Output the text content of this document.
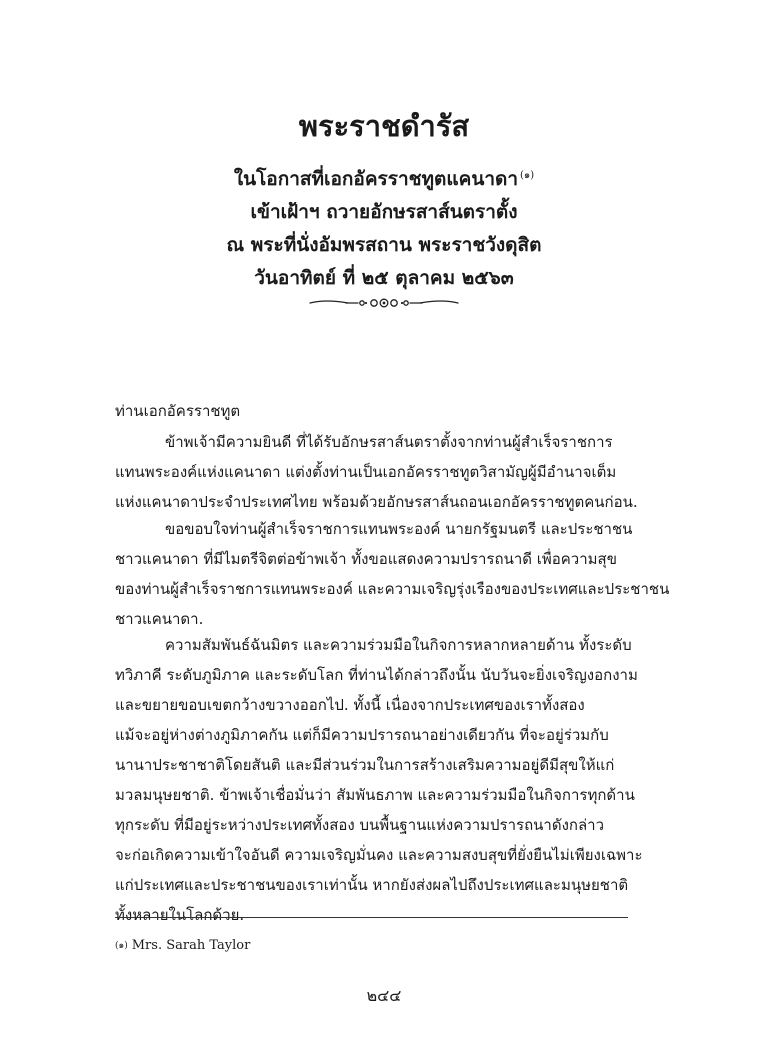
พระราชดำรัส
ในโอกาสที่เอกอัครราชทูตแคนาดา $^{(๑)}$
เข้าเฝ้าฯ ถวายอักษรสาส์นตราตั้ง
ณ พระที่นั่งอัมพรสถาน พระราชวังดุสิต
วันอาทิตย์ ที่ ๒๕ ตุลาคม ๒๕๖๓
ท่านเอกอัครราชทูต
ข้าพเจ้ามีความยินดี ที่ได้รับอักษรสาส์นตราตั้งจากท่านผู้สำเร็จราชการ
แทนพระองค์แห่งแคนาดา แต่งตั้งท่านเป็นเอกอัครราชทูตวิสามัญผู้มีอำนาจเต็ม
แห่งแคนาดาประจำประเทศไทย พร้อมด้วยอักษรสาส์นถอนเอกอัครราชทูตคนก่อน.
ขอขอบใจท่านผู้สำเร็จราชการแทนพระองค์ นายกรัฐมนตรี และประชาชน
ชาวแคนาดา ที่มีไมตรีจิตต่อข้าพเจ้า ทั้งขอแสดงความปรารถนาดี เพื่อความสุข
ของท่านผู้สำเร็จราชการแทนพระองค์ และความเจริญรุ่งเรืองของประเทศและประชาชน
ชาวแคนาดา.
ความสัมพันธ์ฉันมิตร และความร่วมมือในกิจการหลากหลายด้าน ทั้งระดับ
ทวิภาคี ระดับภูมิภาค และระดับโลก ที่ท่านได้กล่าวถึงนั้น นับวันจะยิ่งเจริญงอกงาม
และขยายขอบเขตกว้างขวางออกไป. ทั้งนี้ เนื่องจากประเทศของเราทั้งสอง
แม้จะอยู่ห่างต่างภูมิภาคกัน แต่ก็มีความปรารถนาอย่างเดียวกัน ที่จะอยู่ร่วมกับ
นานาประชาชาติโดยสันติ และมีส่วนร่วมในการสร้างเสริมความอยู่ดีมีสุขให้แก่
มวลมนุษยชาติ. ข้าพเจ้าเชื่อมั่นว่า สัมพันธภาพ และความร่วมมือในกิจการทุกด้าน
ทุกระดับ ที่มีอยู่ระหว่างประเทศทั้งสอง บนพื้นฐานแห่งความปรารถนาดังกล่าว
จะก่อเกิดความเข้าใจอันดี ความเจริญมั่นคง และความสงบสุขที่ยั่งยืนไม่เพียงเฉพาะ
แก่ประเทศและประชาชนของเราเท่านั้น หากยังส่งผลไปถึงประเทศและมนุษยชาติ
ทั้งหลายในโลกด้วย.
$^{(๑)}$ Mrs. Sarah Taylor
๒๔๔
